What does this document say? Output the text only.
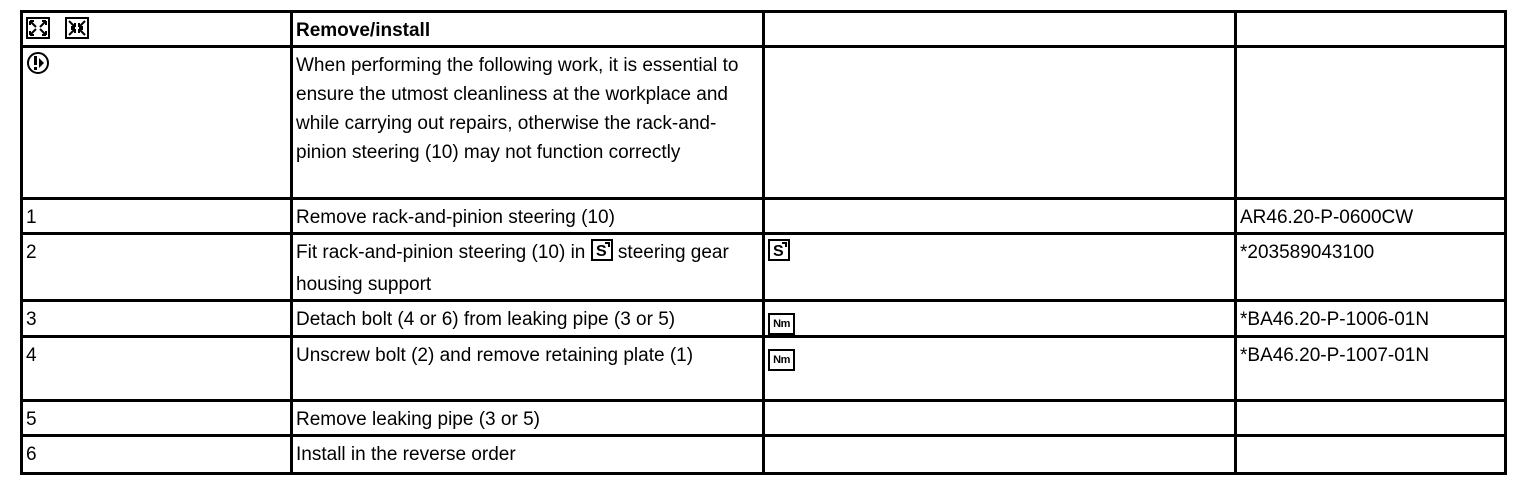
	Remove/install		

	When performing the following work, it is essential to ensure the utmost cleanliness at the workplace and while carrying out repairs, otherwise the rack-and-pinion steering (10) may not function correctly		
1	Remove rack-and-pinion steering (10)		AR46.20-P-0600CW
2	Fit rack-and-pinion steering (10) in S steering gear housing support	S	*203589043100
3	Detach bolt (4 or 6) from leaking pipe (3 or 5)	Nm	*BA46.20-P-1006-01N
4	Unscrew bolt (2) and remove retaining plate (1)	Nm	*BA46.20-P-1007-01N
5	Remove leaking pipe (3 or 5)		
6	Install in the reverse order		
